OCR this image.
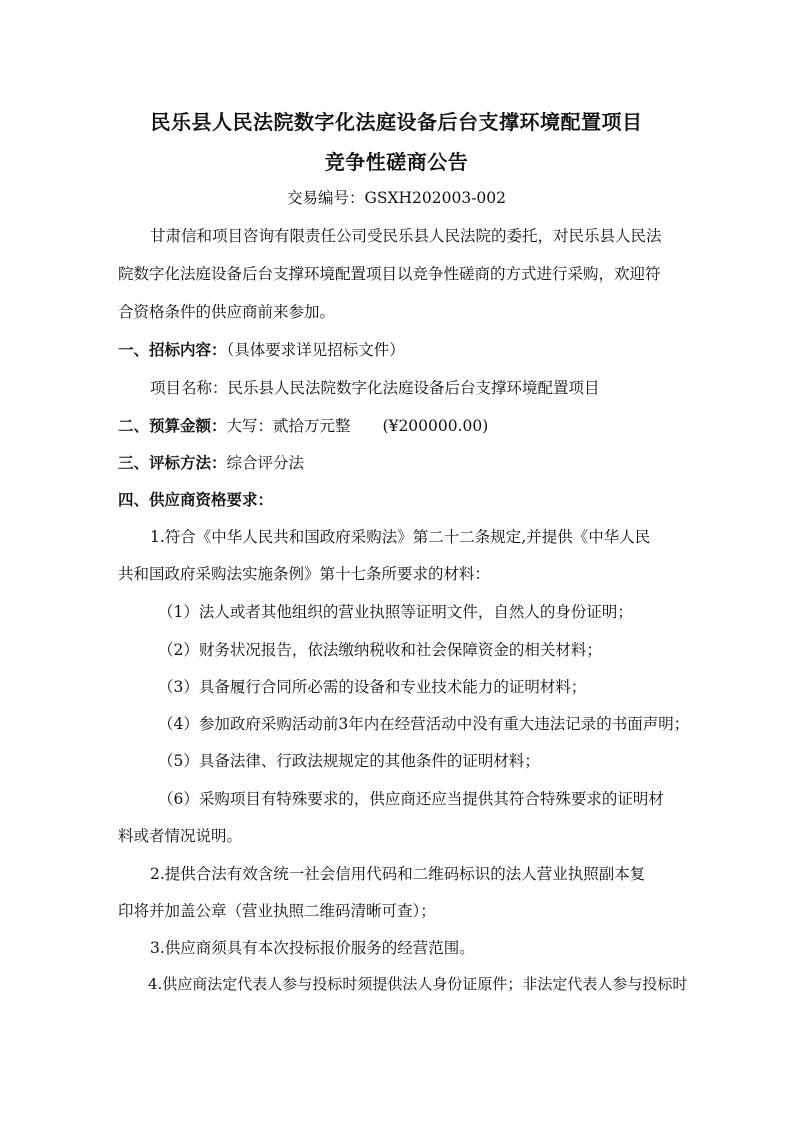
民乐县人民法院数字化法庭设备后台支撑环境配置项目
竞争性磋商公告
交易编号：GSXH202003-002
甘肃信和项目咨询有限责任公司受民乐县人民法院的委托，对民乐县人民法
院数字化法庭设备后台支撑环境配置项目以竞争性磋商的方式进行采购，欢迎符
合资格条件的供应商前来参加。
一、招标内容：（具体要求详见招标文件）
项目名称：民乐县人民法院数字化法庭设备后台支撑环境配置项目
二、预算金额：大写：贰拾万元整 (¥200000.00)
三、评标方法：综合评分法
四、供应商资格要求：
1.符合《中华人民共和国政府采购法》第二十二条规定,并提供《中华人民
共和国政府采购法实施条例》第十七条所要求的材料：
（1）法人或者其他组织的营业执照等证明文件，自然人的身份证明；
（2）财务状况报告，依法缴纳税收和社会保障资金的相关材料；
（3）具备履行合同所必需的设备和专业技术能力的证明材料；
（4）参加政府采购活动前3年内在经营活动中没有重大违法记录的书面声明；
（5）具备法律、行政法规规定的其他条件的证明材料；
（6）采购项目有特殊要求的，供应商还应当提供其符合特殊要求的证明材
料或者情况说明。
2.提供合法有效含统一社会信用代码和二维码标识的法人营业执照副本复
印将并加盖公章（营业执照二维码清晰可查）；
3.供应商须具有本次投标报价服务的经营范围。
4.供应商法定代表人参与投标时须提供法人身份证原件；非法定代表人参与投标时
